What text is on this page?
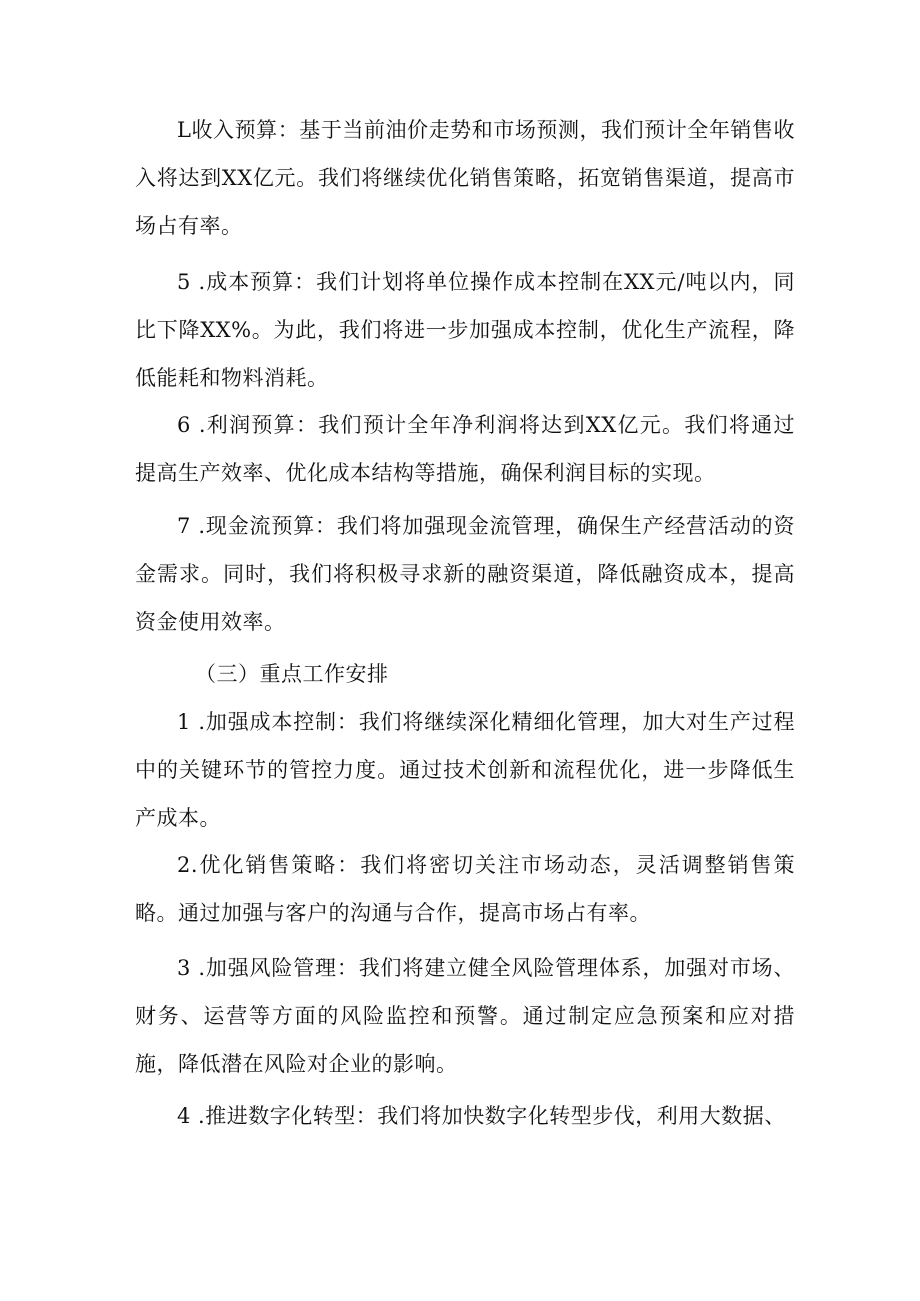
L收入预算：基于当前油价走势和市场预测，我们预计全年销售收入将达到XX亿元。我们将继续优化销售策略，拓宽销售渠道，提高市场占有率。

5 .成本预算：我们计划将单位操作成本控制在XX元/吨以内，同比下降XX%。为此，我们将进一步加强成本控制，优化生产流程，降低能耗和物料消耗。

6 .利润预算：我们预计全年净利润将达到XX亿元。我们将通过提高生产效率、优化成本结构等措施，确保利润目标的实现。

7 .现金流预算：我们将加强现金流管理，确保生产经营活动的资金需求。同时，我们将积极寻求新的融资渠道，降低融资成本，提高资金使用效率。

（三）重点工作安排

1 .加强成本控制：我们将继续深化精细化管理，加大对生产过程中的关键环节的管控力度。通过技术创新和流程优化，进一步降低生产成本。

2.优化销售策略：我们将密切关注市场动态，灵活调整销售策略。通过加强与客户的沟通与合作，提高市场占有率。

3 .加强风险管理：我们将建立健全风险管理体系，加强对市场、财务、运营等方面的风险监控和预警。通过制定应急预案和应对措施，降低潜在风险对企业的影响。

4 .推进数字化转型：我们将加快数字化转型步伐，利用大数据、
